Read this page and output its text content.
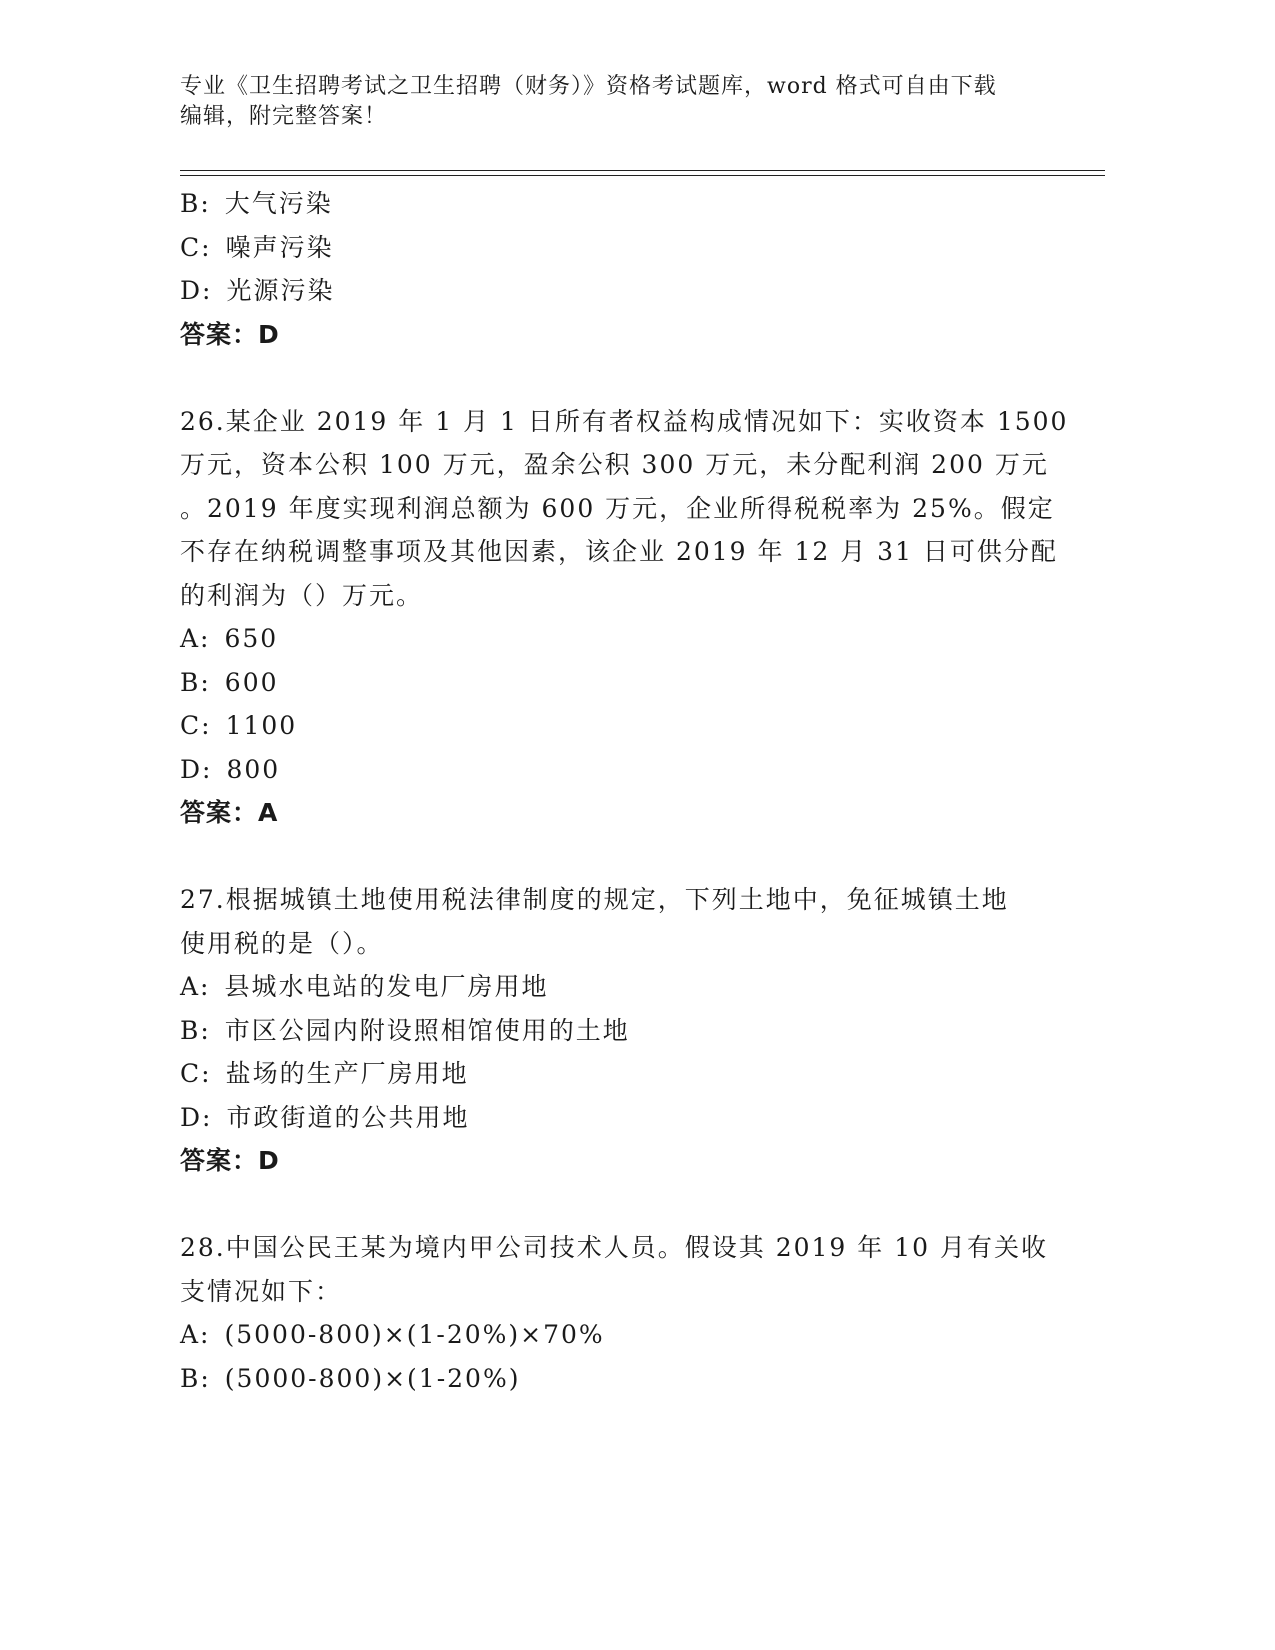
专业《卫生招聘考试之卫生招聘（财务）》资格考试题库，word 格式可自由下载
编辑，附完整答案！
B: 大气污染
C: 噪声污染
D: 光源污染
答案：D
26.某企业 2019 年 1 月 1 日所有者权益构成情况如下：实收资本 1500
万元，资本公积 100 万元，盈余公积 300 万元，未分配利润 200 万元
。2019 年度实现利润总额为 600 万元，企业所得税税率为 25%。假定
不存在纳税调整事项及其他因素，该企业 2019 年 12 月 31 日可供分配
的利润为（）万元。
A: 650
B: 600
C: 1100
D: 800
答案：A
27.根据城镇土地使用税法律制度的规定，下列土地中，免征城镇土地
使用税的是（）。
A: 县城水电站的发电厂房用地
B: 市区公园内附设照相馆使用的土地
C: 盐场的生产厂房用地
D: 市政街道的公共用地
答案：D
28.中国公民王某为境内甲公司技术人员。假设其 2019 年 10 月有关收
支情况如下：
A: (5000-800)×(1-20%)×70%
B: (5000-800)×(1-20%)
